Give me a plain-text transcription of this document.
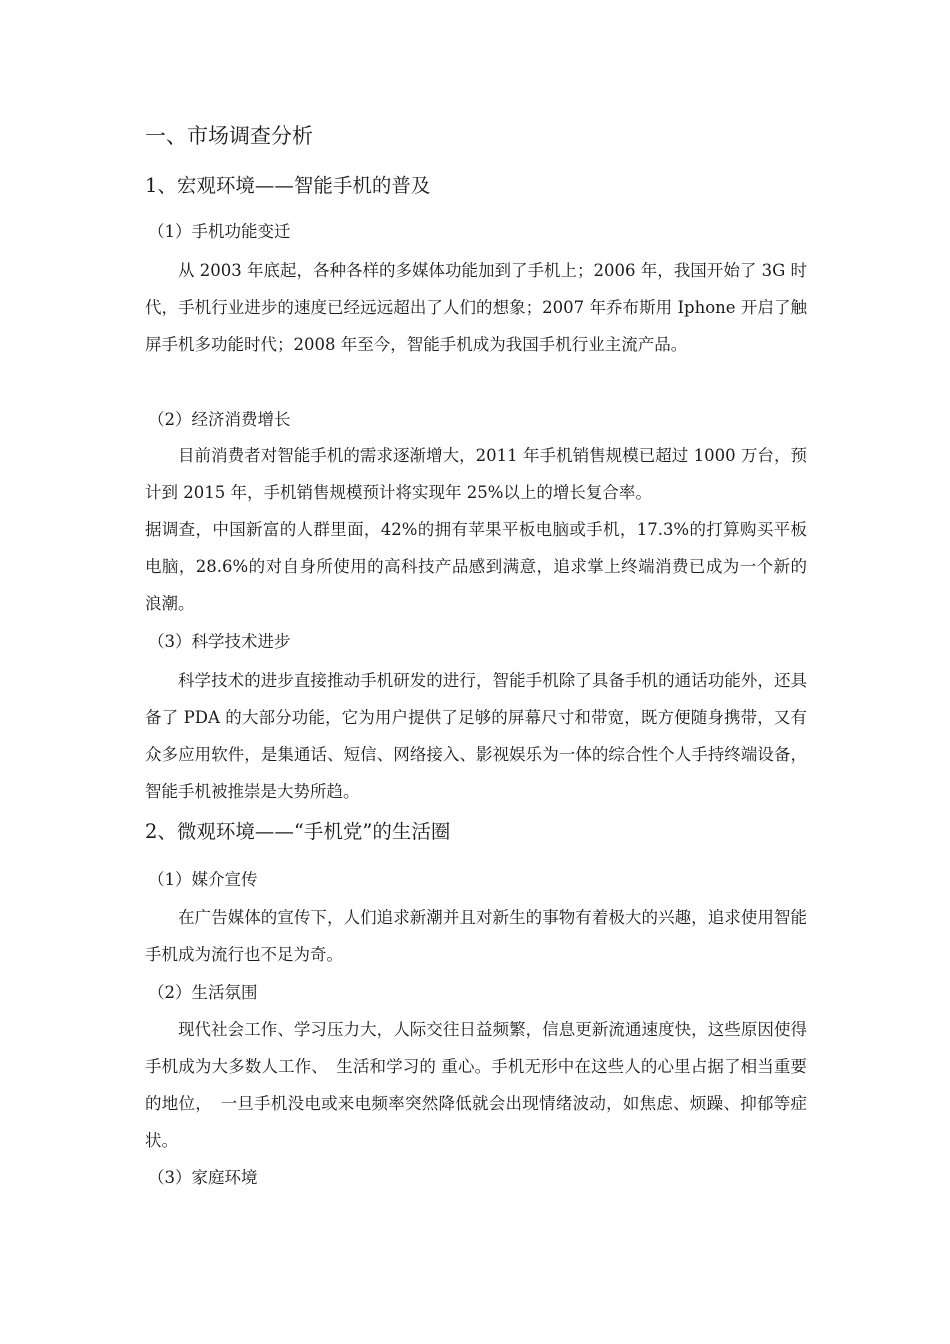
一、市场调查分析
1、宏观环境——智能手机的普及
（1）手机功能变迁

从 2003 年底起，各种各样的多媒体功能加到了手机上；2006 年，我国开始了 3G 时代，手机行业进步的速度已经远远超出了人们的想象；2007 年乔布斯用 Iphone 开启了触屏手机多功能时代；2008 年至今，智能手机成为我国手机行业主流产品。

（2）经济消费增长

目前消费者对智能手机的需求逐渐增大，2011 年手机销售规模已超过 1000 万台，预计到 2015 年，手机销售规模预计将实现年 25%以上的增长复合率。

据调查，中国新富的人群里面，42%的拥有苹果平板电脑或手机，17.3%的打算购买平板电脑，28.6%的对自身所使用的高科技产品感到满意，追求掌上终端消费已成为一个新的浪潮。

（3）科学技术进步

科学技术的进步直接推动手机研发的进行，智能手机除了具备手机的通话功能外，还具备了 PDA 的大部分功能，它为用户提供了足够的屏幕尺寸和带宽，既方便随身携带，又有众多应用软件，是集通话、短信、网络接入、影视娱乐为一体的综合性个人手持终端设备，智能手机被推崇是大势所趋。

2、微观环境——“手机党”的生活圈
（1）媒介宣传

在广告媒体的宣传下，人们追求新潮并且对新生的事物有着极大的兴趣，追求使用智能手机成为流行也不足为奇。

（2）生活氛围

现代社会工作、学习压力大，人际交往日益频繁，信息更新流通速度快，这些原因使得手机成为大多数人工作、　生活和学习的 重心。手机无形中在这些人的心里占据了相当重要的地位，　一旦手机没电或来电频率突然降低就会出现情绪波动，如焦虑、烦躁、抑郁等症状。

（3）家庭环境
